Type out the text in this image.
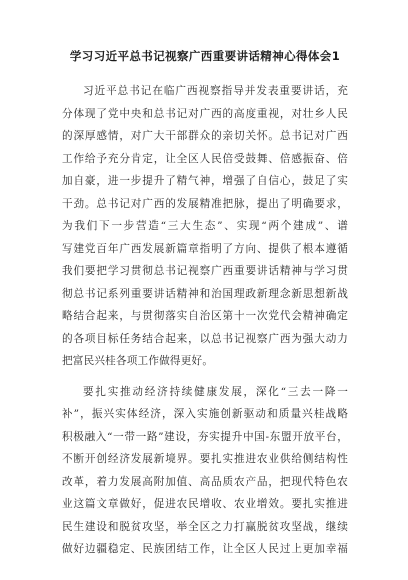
学习习近平总书记视察广西重要讲话精神心得体会1
习近平总书记在临广西视察指导并发表重要讲话，充
分体现了党中央和总书记对广西的高度重视，对壮乡人民
的深厚感情，对广大干部群众的亲切关怀。总书记对广西
工作给予充分肯定，让全区人民倍受鼓舞、倍感振奋、倍
加自豪，进一步提升了精气神，增强了自信心，鼓足了实
干劲。总书记对广西的发展精准把脉，提出了明确要求，
为我们下一步营造“三大生态”、实现“两个建成”、谱
写建党百年广西发展新篇章指明了方向、提供了根本遵循
我们要把学习贯彻总书记视察广西重要讲话精神与学习贯
彻总书记系列重要讲话精神和治国理政新理念新思想新战
略结合起来，与贯彻落实自治区第十一次党代会精神确定
的各项目标任务结合起来，以总书记视察广西为强大动力
把富民兴桂各项工作做得更好。
要扎实推动经济持续健康发展，深化“三去一降一
补”，振兴实体经济，深入实施创新驱动和质量兴桂战略
积极融入“一带一路”建设，夯实提升中国-东盟开放平台，
不断开创经济发展新境界。要扎实推进农业供给侧结构性
改革，着力发展高附加值、高品质农产品，把现代特色农
业这篇文章做好，促进农民增收、农业增效。要扎实推进
民生建设和脱贫攻坚，举全区之力打赢脱贫攻坚战，继续
做好边疆稳定、民族团结工作，让全区人民过上更加幸福
